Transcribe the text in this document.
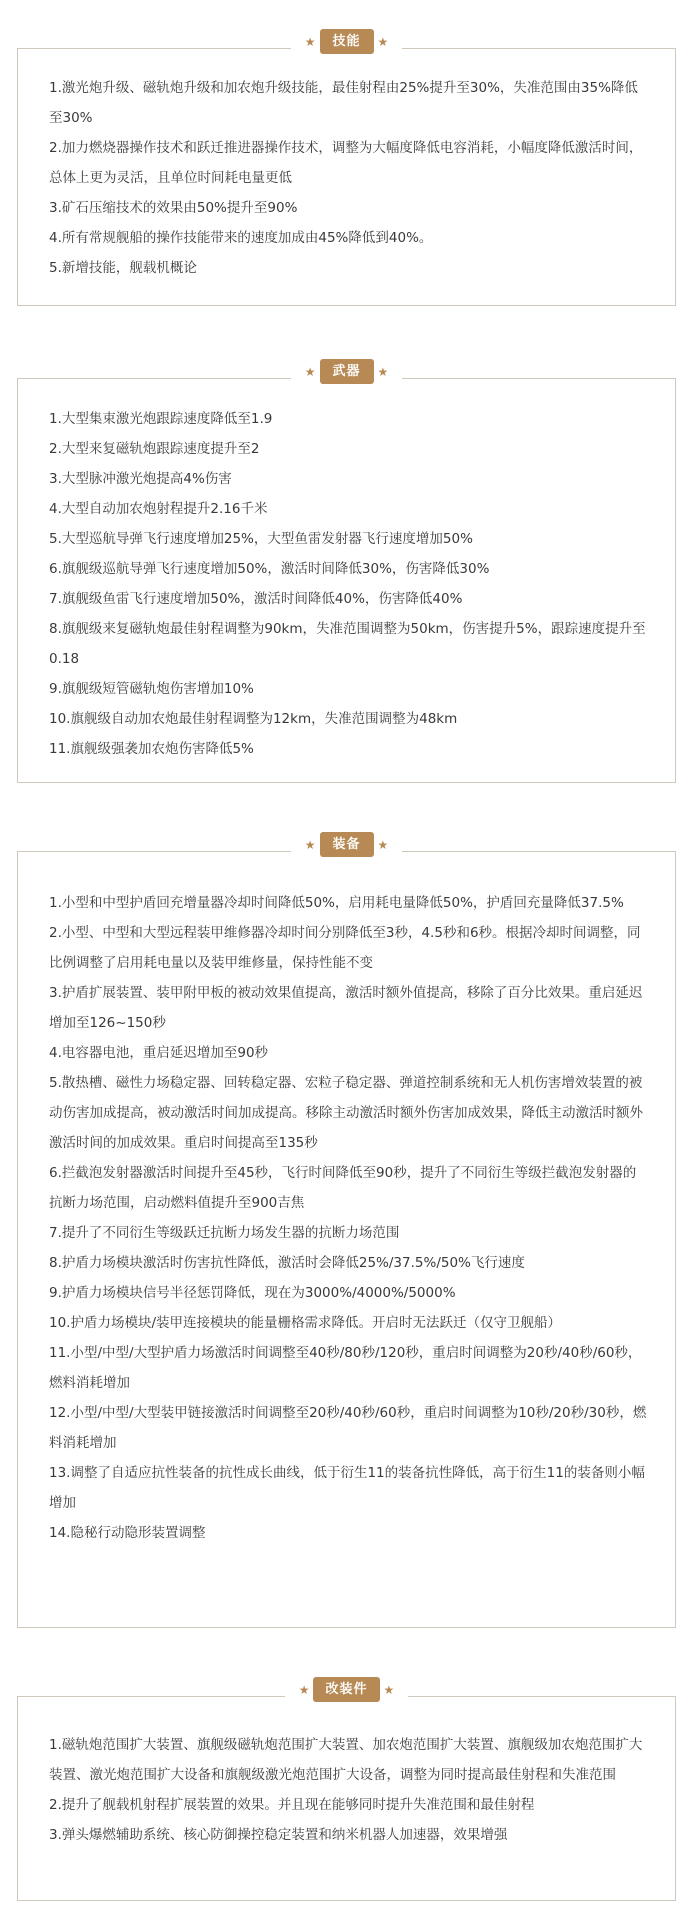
★	技能	★

1.激光炮升级、磁轨炮升级和加农炮升级技能，最佳射程由25%提升至30%，失准范围由35%降低至30%

2.加力燃烧器操作技术和跃迁推进器操作技术，调整为大幅度降低电容消耗，小幅度降低激活时间，总体上更为灵活，且单位时间耗电量更低

3.矿石压缩技术的效果由50%提升至90%

4.所有常规舰船的操作技能带来的速度加成由45%降低到40%。

5.新增技能，舰载机概论

★	武器	★

1.大型集束激光炮跟踪速度降低至1.9

2.大型来复磁轨炮跟踪速度提升至2

3.大型脉冲激光炮提高4%伤害

4.大型自动加农炮射程提升2.16千米

5.大型巡航导弹飞行速度增加25%，大型鱼雷发射器飞行速度增加50%

6.旗舰级巡航导弹飞行速度增加50%，激活时间降低30%，伤害降低30%

7.旗舰级鱼雷飞行速度增加50%，激活时间降低40%，伤害降低40%

8.旗舰级来复磁轨炮最佳射程调整为90km，失准范围调整为50km，伤害提升5%，跟踪速度提升至0.18

9.旗舰级短管磁轨炮伤害增加10%

10.旗舰级自动加农炮最佳射程调整为12km，失准范围调整为48km

11.旗舰级强袭加农炮伤害降低5%

★	装备	★

1.小型和中型护盾回充增量器冷却时间降低50%，启用耗电量降低50%，护盾回充量降低37.5%

2.小型、中型和大型远程装甲维修器冷却时间分别降低至3秒，4.5秒和6秒。根据冷却时间调整，同比例调整了启用耗电量以及装甲维修量，保持性能不变

3.护盾扩展装置、装甲附甲板的被动效果值提高，激活时额外值提高，移除了百分比效果。重启延迟增加至126~150秒

4.电容器电池，重启延迟增加至90秒

5.散热槽、磁性力场稳定器、回转稳定器、宏粒子稳定器、弹道控制系统和无人机伤害增效装置的被动伤害加成提高，被动激活时间加成提高。移除主动激活时额外伤害加成效果，降低主动激活时额外激活时间的加成效果。重启时间提高至135秒

6.拦截泡发射器激活时间提升至45秒，飞行时间降低至90秒，提升了不同衍生等级拦截泡发射器的抗断力场范围，启动燃料值提升至900吉焦

7.提升了不同衍生等级跃迁抗断力场发生器的抗断力场范围

8.护盾力场模块激活时伤害抗性降低，激活时会降低25%/37.5%/50%飞行速度

9.护盾力场模块信号半径惩罚降低，现在为3000%/4000%/5000%

10.护盾力场模块/装甲连接模块的能量栅格需求降低。开启时无法跃迁（仅守卫舰船）

11.小型/中型/大型护盾力场激活时间调整至40秒/80秒/120秒，重启时间调整为20秒/40秒/60秒，燃料消耗增加

12.小型/中型/大型装甲链接激活时间调整至20秒/40秒/60秒，重启时间调整为10秒/20秒/30秒，燃料消耗增加

13.调整了自适应抗性装备的抗性成长曲线，低于衍生11的装备抗性降低，高于衍生11的装备则小幅增加

14.隐秘行动隐形装置调整

★	改装件	★

1.磁轨炮范围扩大装置、旗舰级磁轨炮范围扩大装置、加农炮范围扩大装置、旗舰级加农炮范围扩大装置、激光炮范围扩大设备和旗舰级激光炮范围扩大设备，调整为同时提高最佳射程和失准范围

2.提升了舰载机射程扩展装置的效果。并且现在能够同时提升失准范围和最佳射程

3.弹头爆燃辅助系统、核心防御操控稳定装置和纳米机器人加速器，效果增强
